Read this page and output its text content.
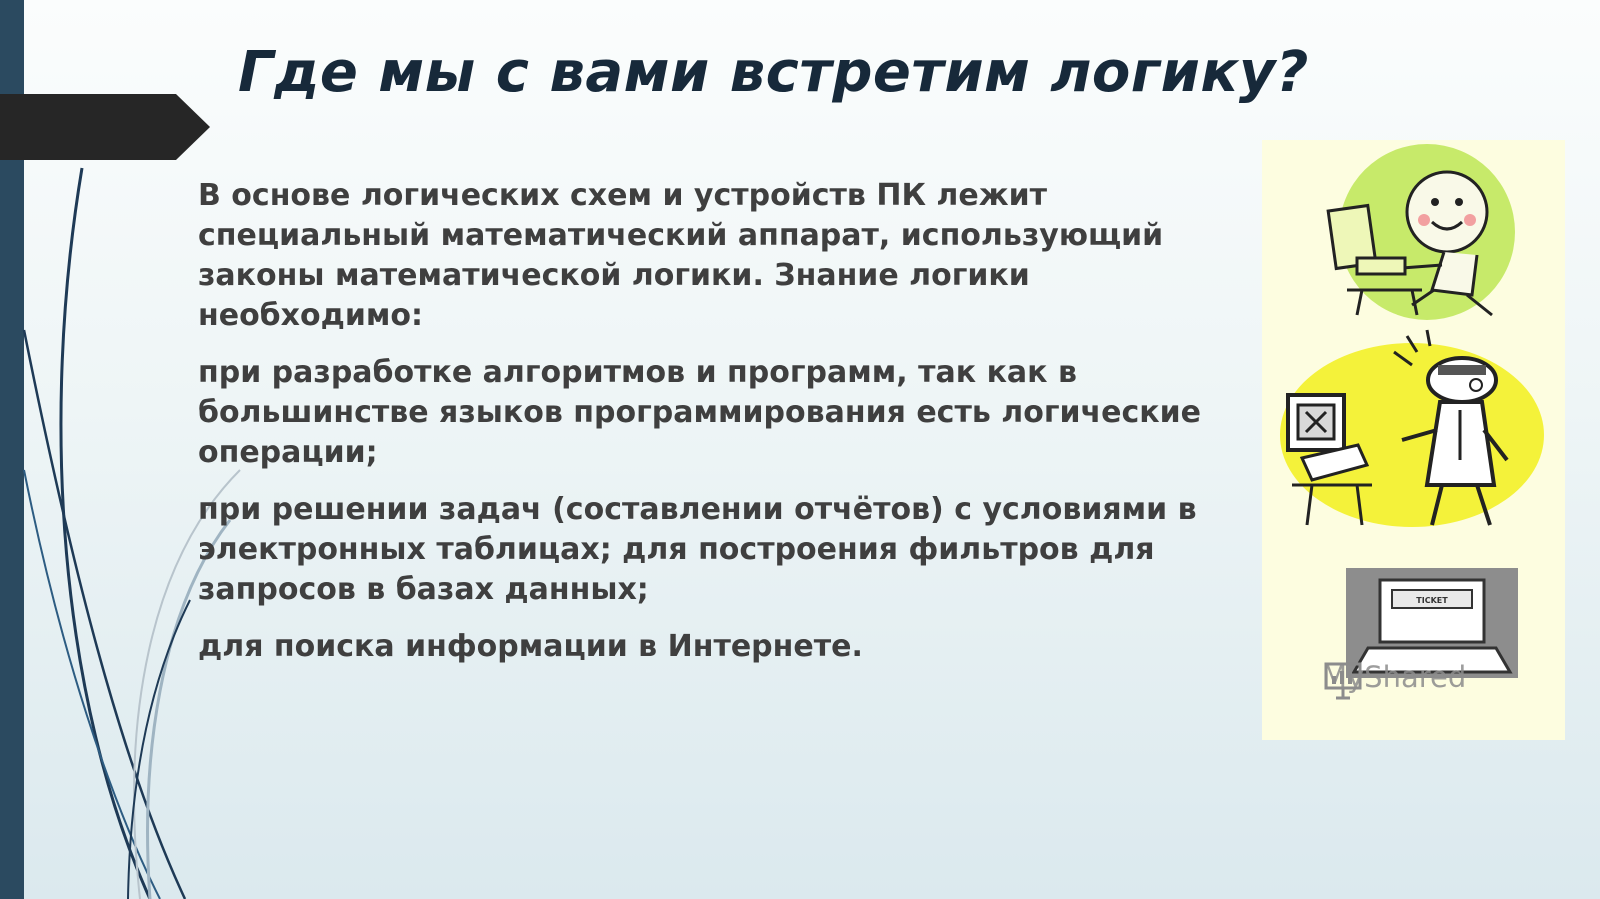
Где мы с вами встретим логику?

В основе логических схем и устройств ПК лежит специальный математический аппарат, использующий законы математической логики. Знание логики необходимо:

при разработке алгоритмов и программ, так как в большинстве языков программирования есть логические операции;

при решении задач (составлении отчётов) с условиями в электронных таблицах; для построения фильтров для запросов в базах данных;

для поиска информации в Интернете.

TICKET
MyShared
